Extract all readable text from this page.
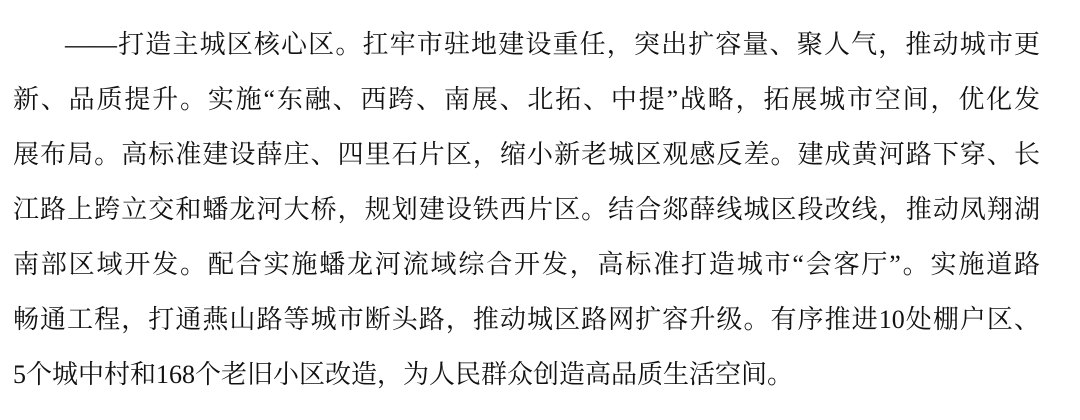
——打造主城区核心区。扛牢市驻地建设重任，突出扩容量、聚人气，推动城市更

新、品质提升。实施“东融、西跨、南展、北拓、中提”战略，拓展城市空间，优化发

展布局。高标准建设薛庄、四里石片区，缩小新老城区观感反差。建成黄河路下穿、长

江路上跨立交和蟠龙河大桥，规划建设铁西片区。结合郯薛线城区段改线，推动凤翔湖

南部区域开发。配合实施蟠龙河流域综合开发，高标准打造城市“会客厅”。实施道路

畅通工程，打通燕山路等城市断头路，推动城区路网扩容升级。有序推进10处棚户区、

5个城中村和168个老旧小区改造，为人民群众创造高品质生活空间。
